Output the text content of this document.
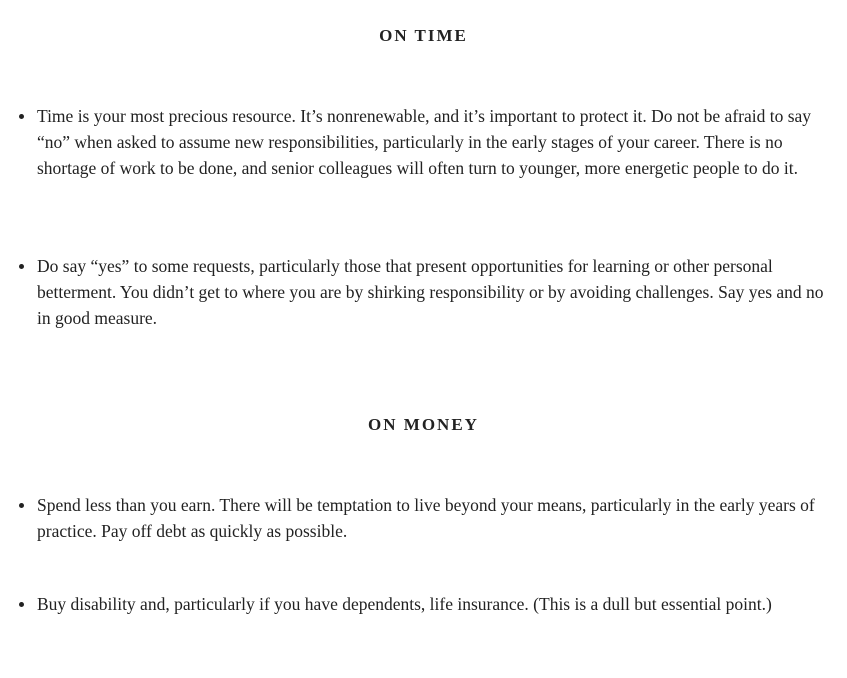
ON TIME

Time is your most precious resource. It’s nonrenewable, and it’s important to protect it. Do not be afraid to say “no” when asked to assume new responsibilities, particularly in the early stages of your career. There is no shortage of work to be done, and senior colleagues will often turn to younger, more energetic people to do it.

Do say “yes” to some requests, particularly those that present opportunities for learning or other personal betterment. You didn’t get to where you are by shirking responsibility or by avoiding challenges. Say yes and no in good measure.

ON MONEY

Spend less than you earn. There will be temptation to live beyond your means, particularly in the early years of practice. Pay off debt as quickly as possible.

Buy disability and, particularly if you have dependents, life insurance. (This is a dull but essential point.)
